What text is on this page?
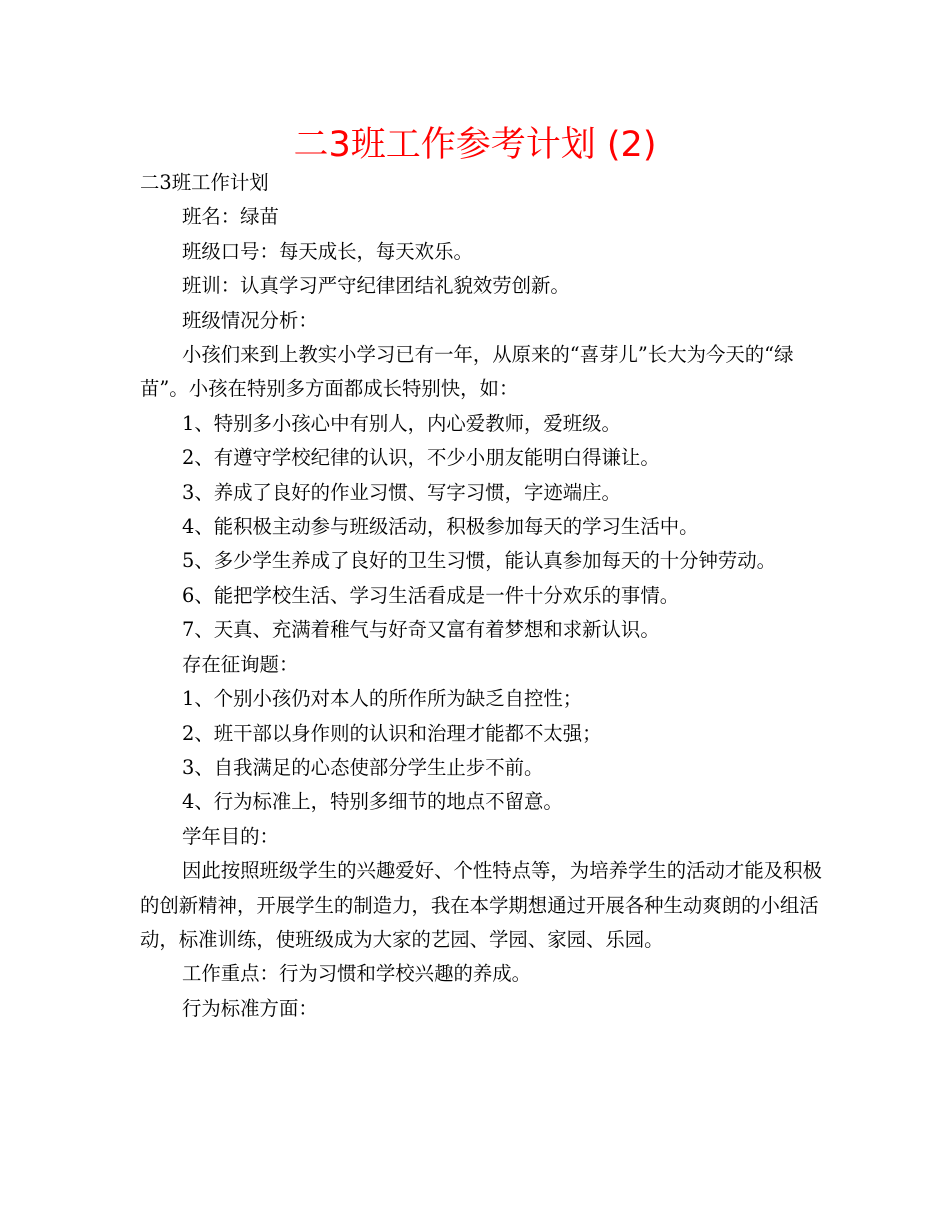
二3班工作参考计划 (2)

二3班工作计划

班名：绿苗

班级口号：每天成长，每天欢乐。

班训：认真学习严守纪律团结礼貌效劳创新。

班级情况分析：

小孩们来到上教实小学习已有一年，从原来的“喜芽儿”长大为今天的“绿苗”。小孩在特别多方面都成长特别快，如：

1、特别多小孩心中有别人，内心爱教师，爱班级。

2、有遵守学校纪律的认识，不少小朋友能明白得谦让。

3、养成了良好的作业习惯、写字习惯，字迹端庄。

4、能积极主动参与班级活动，积极参加每天的学习生活中。

5、多少学生养成了良好的卫生习惯，能认真参加每天的十分钟劳动。

6、能把学校生活、学习生活看成是一件十分欢乐的事情。

7、天真、充满着稚气与好奇又富有着梦想和求新认识。

存在征询题：

1、个别小孩仍对本人的所作所为缺乏自控性；

2、班干部以身作则的认识和治理才能都不太强；

3、自我满足的心态使部分学生止步不前。

4、行为标准上，特别多细节的地点不留意。

学年目的：

因此按照班级学生的兴趣爱好、个性特点等，为培养学生的活动才能及积极的创新精神，开展学生的制造力，我在本学期想通过开展各种生动爽朗的小组活动，标准训练，使班级成为大家的艺园、学园、家园、乐园。

工作重点：行为习惯和学校兴趣的养成。

行为标准方面：
